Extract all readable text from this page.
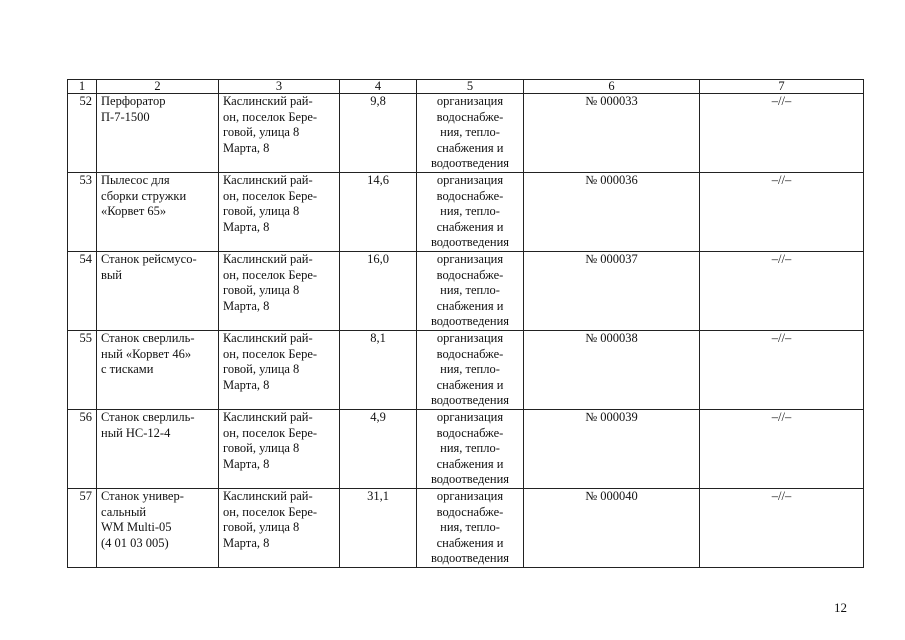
1	2	3	4	5	6	7
52	Перфоратор
П-7-1500	Каслинский рай-
он, поселок Бере-
говой, улица 8
Марта, 8	9,8	организация
водоснабже-
ния, тепло-
снабжения и
водоотведения	№ 000033	–//–
53	Пылесос для
сборки стружки
«Корвет 65»	Каслинский рай-
он, поселок Бере-
говой, улица 8
Марта, 8	14,6	организация
водоснабже-
ния, тепло-
снабжения и
водоотведения	№ 000036	–//–
54	Станок рейсмусо-
вый	Каслинский рай-
он, поселок Бере-
говой, улица 8
Марта, 8	16,0	организация
водоснабже-
ния, тепло-
снабжения и
водоотведения	№ 000037	–//–
55	Станок сверлиль-
ный «Корвет 46»
с тисками	Каслинский рай-
он, поселок Бере-
говой, улица 8
Марта, 8	8,1	организация
водоснабже-
ния, тепло-
снабжения и
водоотведения	№ 000038	–//–
56	Станок сверлиль-
ный НС-12-4	Каслинский рай-
он, поселок Бере-
говой, улица 8
Марта, 8	4,9	организация
водоснабже-
ния, тепло-
снабжения и
водоотведения	№ 000039	–//–
57	Станок универ-
сальный
WM Multi-05
(4 01 03 005)	Каслинский рай-
он, поселок Бере-
говой, улица 8
Марта, 8	31,1	организация
водоснабже-
ния, тепло-
снабжения и
водоотведения	№ 000040	–//–
12
